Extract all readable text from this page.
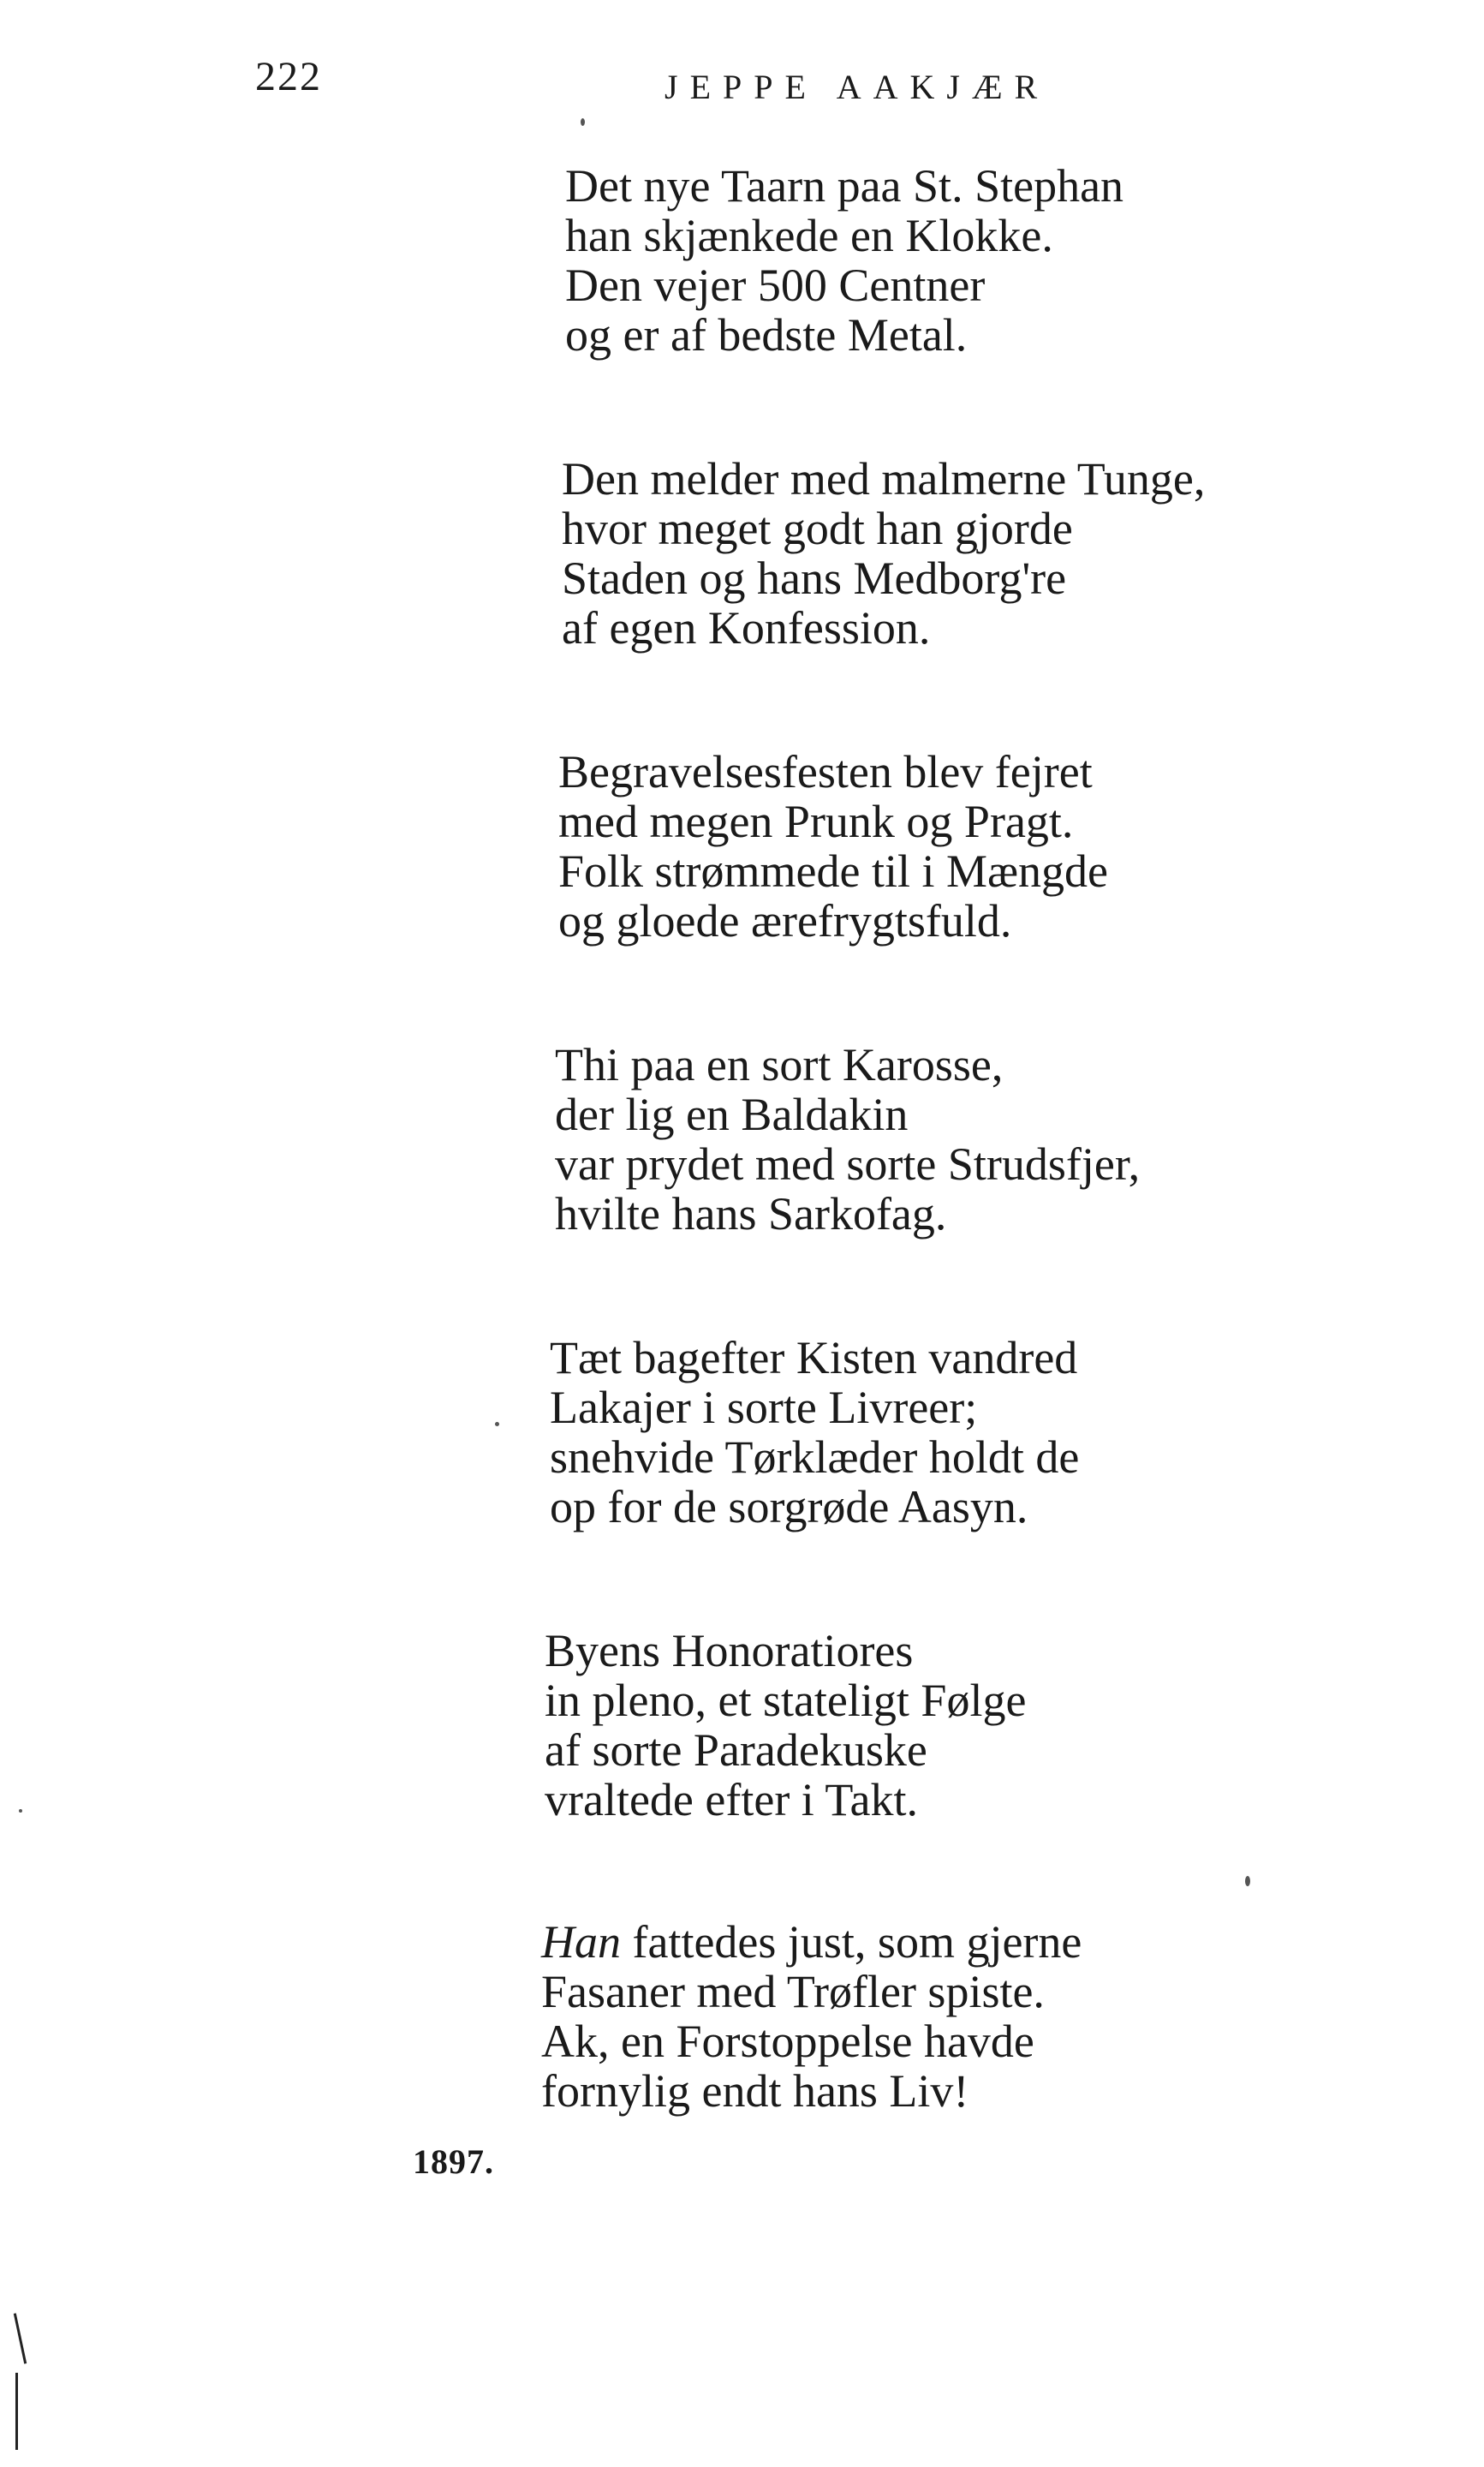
222	JEPPE AAKJÆR
Det nye Taarn paa St. Stephan
han skjænkede en Klokke.
Den vejer 500 Centner
og er af bedste Metal.
Den melder med malmerne Tunge,
hvor meget godt han gjorde
Staden og hans Medborg're
af egen Konfession.
Begravelsesfesten blev fejret
med megen Prunk og Pragt.
Folk strømmede til i Mængde
og gloede ærefrygtsfuld.
Thi paa en sort Karosse,
der lig en Baldakin
var prydet med sorte Strudsfjer,
hvilte hans Sarkofag.
Tæt bagefter Kisten vandred
Lakajer i sorte Livreer;
snehvide Tørklæder holdt de
op for de sorgrøde Aasyn.
Byens Honoratiores
in pleno, et stateligt Følge
af sorte Paradekuske
vraltede efter i Takt.
Han fattedes just, som gjerne
Fasaner med Trøfler spiste.
Ak, en Forstoppelse havde
fornylig endt hans Liv!
1897.
